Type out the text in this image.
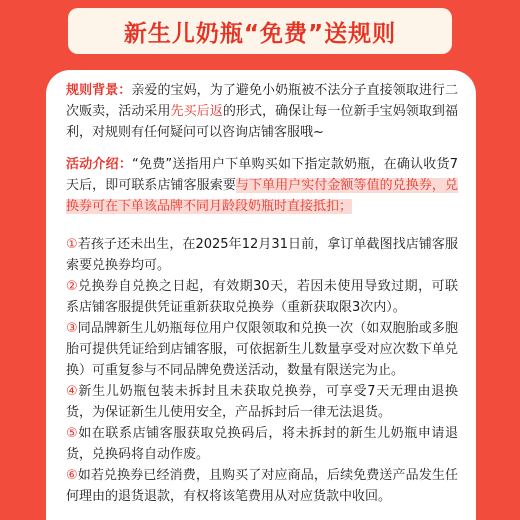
新生儿奶瓶“免费”送规则
规则背景：亲爱的宝妈，为了避免小奶瓶被不法分子直接领取进行二次贩卖，活动采用先买后返的形式，确保让每一位新手宝妈领取到福利，对规则有任何疑问可以咨询店铺客服哦~
活动介绍：“免费”送指用户下单购买如下指定款奶瓶，在确认收货7天后，即可联系店铺客服索要与下单用户实付金额等值的兑换券，兑换券可在下单该品牌不同月龄段奶瓶时直接抵扣；
①若孩子还未出生，在2025年12月31日前，拿订单截图找店铺客服索要兑换券均可。
②兑换券自兑换之日起，有效期30天，若因未使用导致过期，可联系店铺客服提供凭证重新获取兑换券（重新获取限3次内）。
③同品牌新生儿奶瓶每位用户仅限领取和兑换一次（如双胞胎或多胞胎可提供凭证给到店铺客服，可依据新生儿数量享受对应次数下单兑换）可重复参与不同品牌免费送活动，数量有限送完为止。
④新生儿奶瓶包装未拆封且未获取兑换券，可享受7天无理由退换货，为保证新生儿使用安全，产品拆封后一律无法退货。
⑤如在联系店铺客服获取兑换码后，将未拆封的新生儿奶瓶申请退货，兑换码将自动作废。
⑥如若兑换券已经消费，且购买了对应商品，后续免费送产品发生任何理由的退货退款，有权将该笔费用从对应货款中收回。
